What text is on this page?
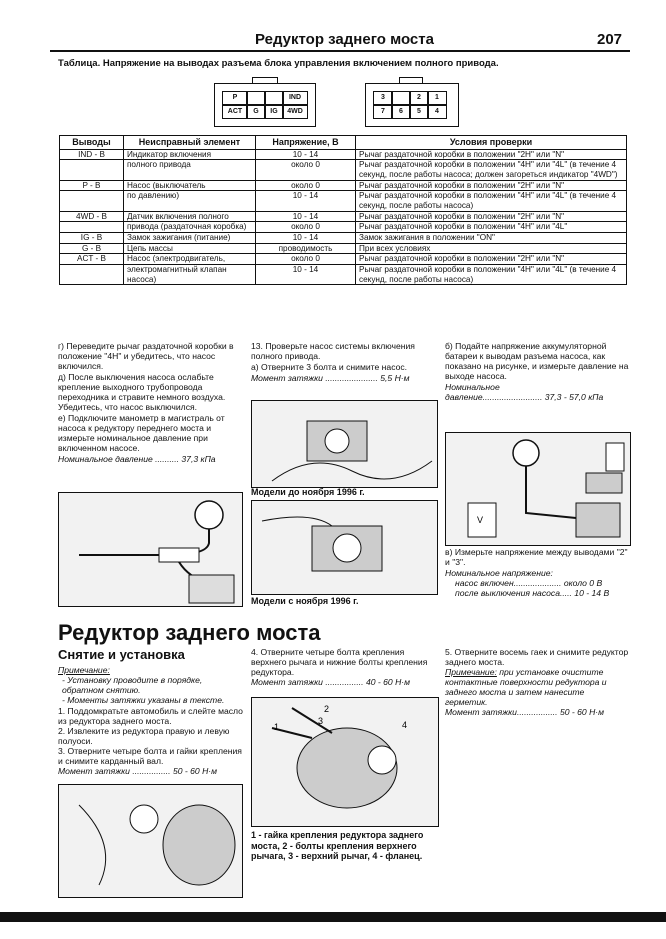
Редуктор заднего моста	207
Таблица. Напряжение на выводах разъема блока управления включением полного привода.
P	IND
ACT	G	IG	4WD
3	2	1
7	6	5	4
Выводы	Неисправный элемент	Напряжение, В	Условия проверки
IND - B	Индикатор включения	10 - 14	Рычаг раздаточной коробки в положении "2H" или "N"
	полного привода	около 0	Рычаг раздаточной коробки в положении "4H" или "4L" (в течение 4 секунд, после работы насоса; должен загореться индикатор "4WD")
P - B	Насос (выключатель	около 0	Рычаг раздаточной коробки в положении "2H" или "N"
	по давлению)	10 - 14	Рычаг раздаточной коробки в положении "4H" или "4L" (в течение 4 секунд, после работы насоса)
4WD - B	Датчик включения полного	10 - 14	Рычаг раздаточной коробки в положении "2H" или "N"
	привода (раздаточная коробка)	около 0	Рычаг раздаточной коробки в положении "4H" или "4L"
IG - B	Замок зажигания (питание)	10 - 14	Замок зажигания в положении "ON"
G - B	Цепь массы	проводимость	При всех условиях
ACT - B	Насос (электродвигатель,	около 0	Рычаг раздаточной коробки в положении "2H" или "N"
	электромагнитный клапан насоса)	10 - 14	Рычаг раздаточной коробки в положении "4H" или "4L" (в течение 4 секунд, после работы насоса)

г) Переведите рычаг раздаточной коробки в положение "4H" и убедитесь, что насос включился.

д) После выключения насоса ослабьте крепление выходного трубопровода переходника и стравите немного воздуха. Убедитесь, что насос выключился.

е) Подключите манометр в магистраль от насоса к редуктору переднего моста и измерьте номинальное давление при включенном насосе.

Номинальное давление .......... 37,3 кПа

13. Проверьте насос системы включения полного привода.

а) Отверните 3 болта и снимите насос.

Момент затяжки ...................... 5,5 Н·м

Модели до ноября 1996 г.
Модели с ноября 1996 г.

б) Подайте напряжение аккумуляторной батареи к выводам разъема насоса, как показано на рисунке, и измерьте давление на выходе насоса.

Номинальное

давление......................... 37,3 - 57,0 кПа

V

в) Измерьте напряжение между выводами "2" и "3".

Номинальное напряжение:

насос включен.................... около 0 В

после выключения насоса..... 10 - 14 В

Редуктор заднего моста
Снятие и установка

Примечание:

- Установку проводите в порядке, обратном снятию.

- Моменты затяжки указаны в тексте.

1. Поддомкратьте автомобиль и слейте масло из редуктора заднего моста.

2. Извлеките из редуктора правую и левую полуоси.

3. Отверните четыре болта и гайки крепления и снимите карданный вал.

Момент затяжки ................ 50 - 60 Н·м

4. Отверните четыре болта крепления верхнего рычага и нижние болты крепления редуктора.

Момент затяжки ................ 40 - 60 Н·м

1
2
3	4
1 - гайка крепления редуктора заднего моста, 2 - болты крепления верхнего рычага, 3 - верхний рычаг, 4 - фланец.

5. Отверните восемь гаек и снимите редуктор заднего моста.

Примечание: при установке очистите контактные поверхности редуктора и заднего моста и затем нанесите герметик.

Момент затяжки................. 50 - 60 Н·м
